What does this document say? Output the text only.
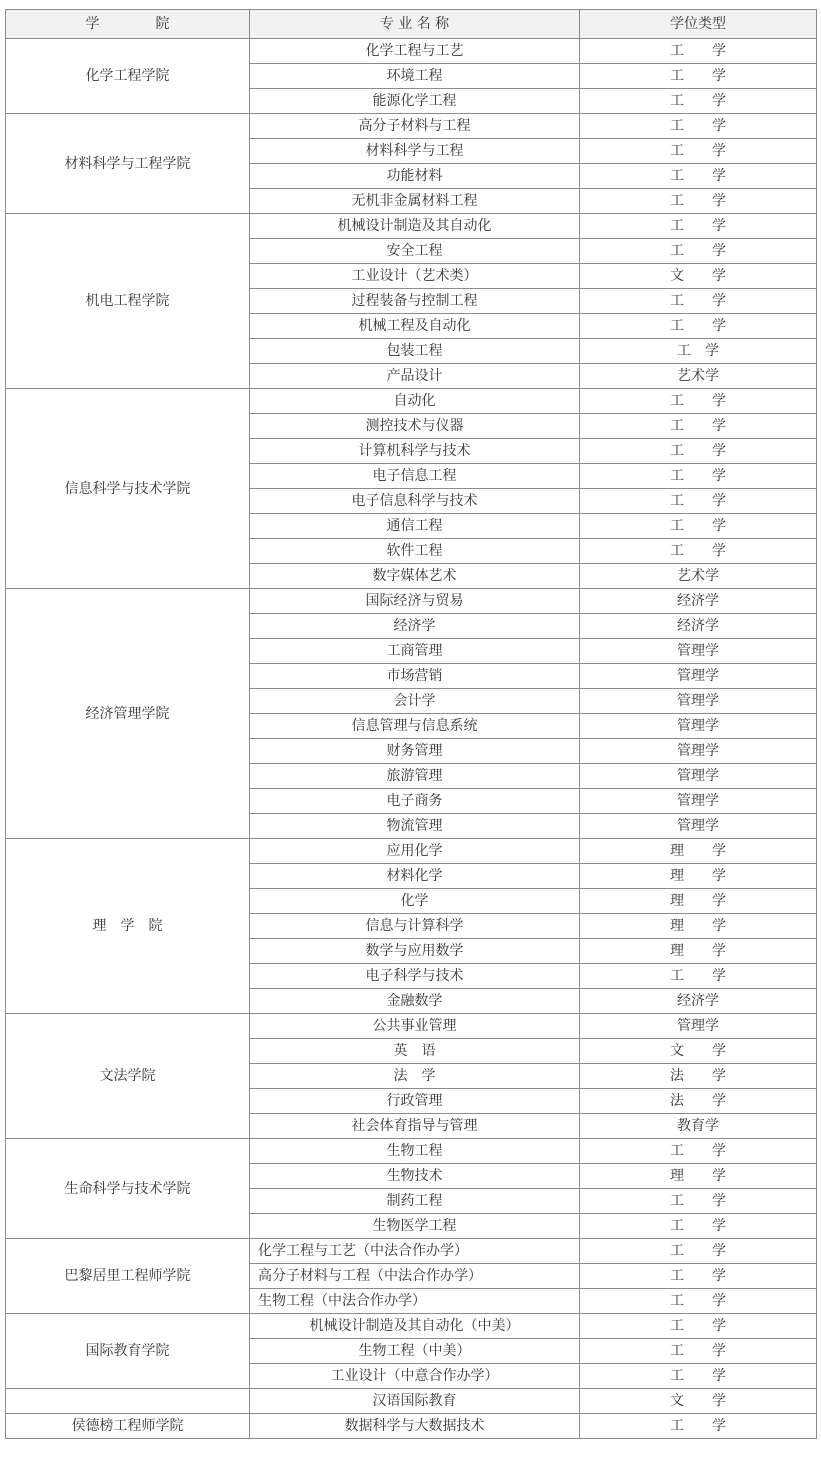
学　　　　院	专 业 名 称	学位类型
化学工程学院	化学工程与工艺	工　　学
	环境工程	工　　学
	能源化学工程	工　　学
材料科学与工程学院	高分子材料与工程	工　　学
	材料科学与工程	工　　学
	功能材料	工　　学
	无机非金属材料工程	工　　学
机电工程学院	机械设计制造及其自动化	工　　学
	安全工程	工　　学
	工业设计（艺术类）	文　　学
	过程装备与控制工程	工　　学
	机械工程及自动化	工　　学
	包装工程	工　学
	产品设计	艺术学
信息科学与技术学院	自动化	工　　学
	测控技术与仪器	工　　学
	计算机科学与技术	工　　学
	电子信息工程	工　　学
	电子信息科学与技术	工　　学
	通信工程	工　　学
	软件工程	工　　学
	数字媒体艺术	艺术学
经济管理学院	国际经济与贸易	经济学
	经济学	经济学
	工商管理	管理学
	市场营销	管理学
	会计学	管理学
	信息管理与信息系统	管理学
	财务管理	管理学
	旅游管理	管理学
	电子商务	管理学
	物流管理	管理学
理　学　院	应用化学	理　　学
	材料化学	理　　学
	化学	理　　学
	信息与计算科学	理　　学
	数学与应用数学	理　　学
	电子科学与技术	工　　学
	金融数学	经济学
文法学院	公共事业管理	管理学
	英　语	文　　学
	法　学	法　　学
	行政管理	法　　学
	社会体育指导与管理	教育学
生命科学与技术学院	生物工程	工　　学
	生物技术	理　　学
	制药工程	工　　学
	生物医学工程	工　　学
巴黎居里工程师学院	化学工程与工艺（中法合作办学）	工　　学
	高分子材料与工程（中法合作办学）	工　　学
	生物工程（中法合作办学）	工　　学
国际教育学院	机械设计制造及其自动化（中美）	工　　学
	生物工程（中美）	工　　学
	工业设计（中意合作办学）	工　　学
	汉语国际教育	文　　学
侯德榜工程师学院	数据科学与大数据技术	工　　学
